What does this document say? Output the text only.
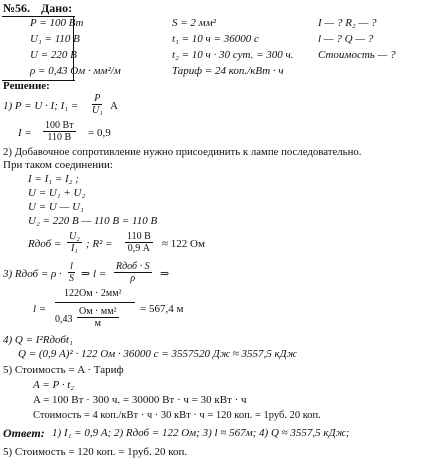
№56. Дано:
P = 100 Вт
U₁ = 110 В
U = 220 В
ρ = 0,43 Ом · мм²/м
S = 2 мм²
t₁ = 10 ч = 36000 с
t₂ = 10 ч · 30 сут. = 300 ч.
Тариф = 24 коп./кВт · ч
I — ? R₂ — ?
l — ? Q — ?
Стоимость — ?
Решение:
1) P = U · I; $I_1 = \frac{P}{\text{U₁}}$ A
I =
100 Вт
110 В = 0,9
2) Добавочное сопротивление нужно присоединить к лампе последовательно.
При таком соединении:
I = I₁ = I₂ ;
U = U₁ + U₂
U = U — U₁
U₂ = 220 В — 110 В = 110 В
Rдоб = $\frac{\text{U₂}}{\text{I₁}}$ ; R² =
110 В
0,9 А ≈ 122 Ом
3) Rдоб = $\rho \cdot \frac{l}{S}$ ⇒ l =
Rдоб · S
ρ ⇒
l =
122Ом · 2мм²
0,43
Ом · мм²
м
= 567,4 м
4) Q = I²Rдобt₁
Q = (0,9 А)² · 122 Ом · 36000 с = 3557520 Дж ≈ 3557,5 кДж
5) Стоимость = A · Тариф
A = P · t₂
A = 100 Вт · 300 ч. = 30000 Вт · ч = 30 кВт · ч
Стоимость = 4 коп./кВт · ч · 30 кВт · ч = 120 коп. = 1руб. 20 коп.
Ответ: 1) I₁ = 0,9 А; 2) Rдоб = 122 Ом; 3) l ≈ 567м; 4) Q ≈ 3557,5 кДж;
5) Стоимость = 120 коп. = 1руб. 20 коп.
